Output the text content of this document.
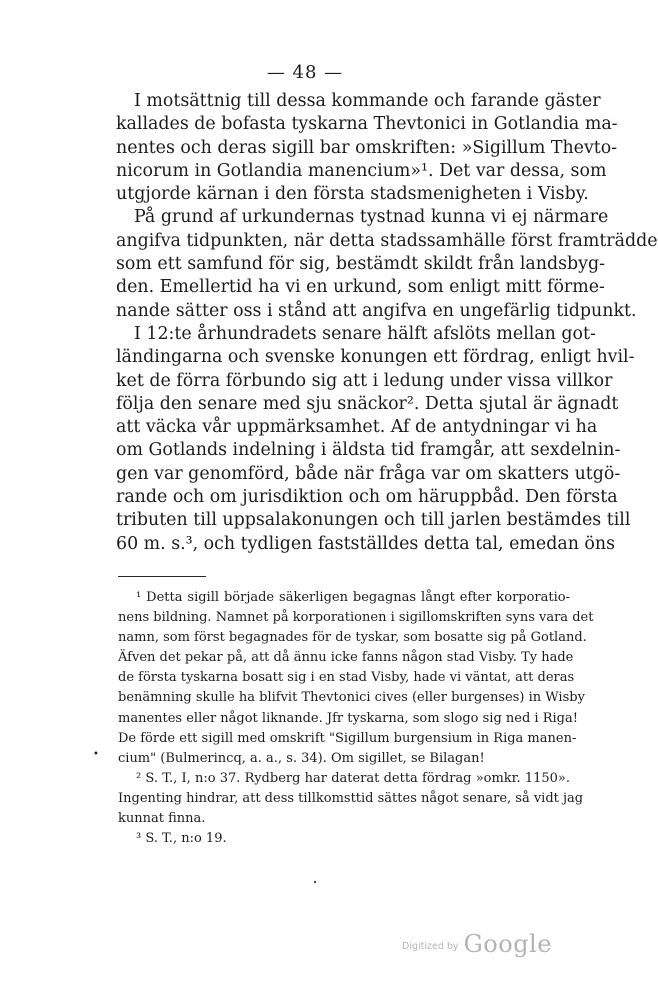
— 48 —
I motsättnig till dessa kommande och farande gäster
kallades de bofasta tyskarna Thevtonici in Gotlandia ma-
nentes och deras sigill bar omskriften: »Sigillum Thevto-
nicorum in Gotlandia manencium»¹. Det var dessa, som
utgjorde kärnan i den första stadsmenigheten i Visby.
På grund af urkundernas tystnad kunna vi ej närmare
angifva tidpunkten, när detta stadssamhälle först framträdde
som ett samfund för sig, bestämdt skildt från landsbyg-
den. Emellertid ha vi en urkund, som enligt mitt förme-
nande sätter oss i stånd att angifva en ungefärlig tidpunkt.
I 12:te århundradets senare hälft afslöts mellan got-
ländingarna och svenske konungen ett fördrag, enligt hvil-
ket de förra förbundo sig att i ledung under vissa villkor
följa den senare med sju snäckor². Detta sjutal är ägnadt
att väcka vår uppmärksamhet. Af de antydningar vi ha
om Gotlands indelning i äldsta tid framgår, att sexdelnin-
gen var genomförd, både när fråga var om skatters utgö-
rande och om jurisdiktion och om häruppbåd. Den första
tributen till uppsalakonungen och till jarlen bestämdes till
60 m. s.³, och tydligen fastställdes detta tal, emedan öns
¹ Detta sigill började säkerligen begagnas långt efter korporatio-
nens bildning. Namnet på korporationen i sigillomskriften syns vara det
namn, som först begagnades för de tyskar, som bosatte sig på Gotland.
Äfven det pekar på, att då ännu icke fanns någon stad Visby. Ty hade
de första tyskarna bosatt sig i en stad Visby, hade vi väntat, att deras
benämning skulle ha blifvit Thevtonici cives (eller burgenses) in Wisby
manentes eller något liknande. Jfr tyskarna, som slogo sig ned i Riga!
De förde ett sigill med omskrift "Sigillum burgensium in Riga manen-
cium" (Bulmerincq, a. a., s. 34). Om sigillet, se Bilagan!
² S. T., I, n:o 37. Rydberg har daterat detta fördrag »omkr. 1150».
Ingenting hindrar, att dess tillkomsttid sättes något senare, så vidt jag
kunnat finna.
³ S. T., n:o 19.
•
•
Digitized by Google
